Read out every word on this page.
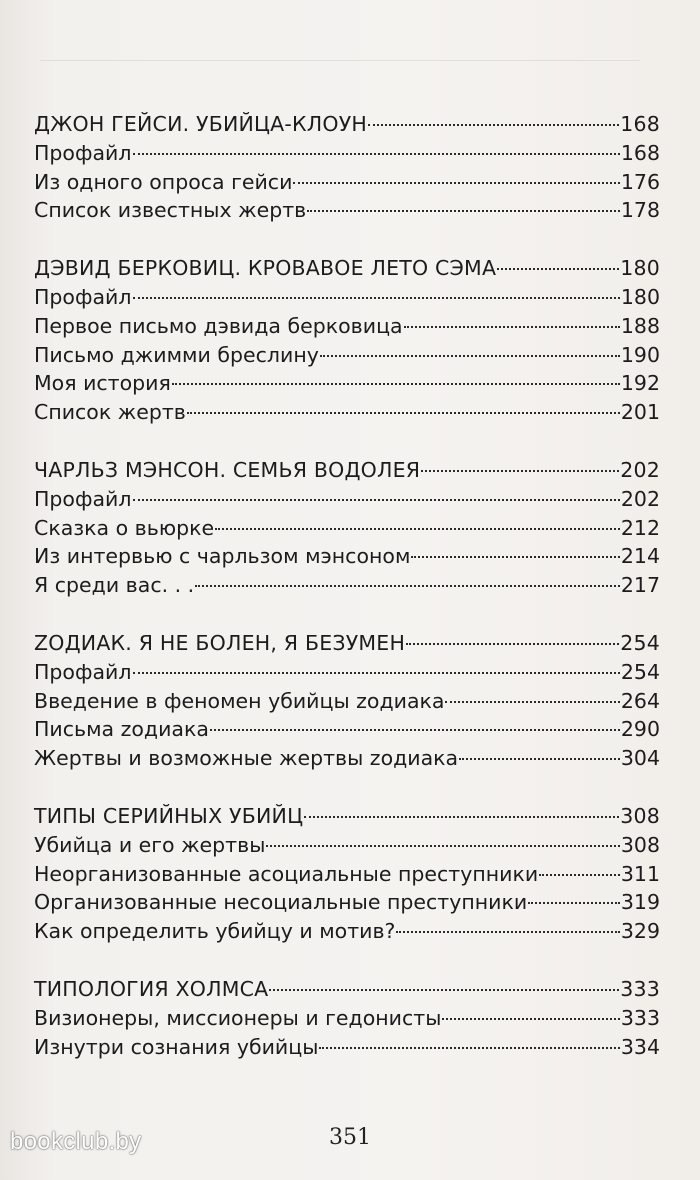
ДЖОН ГЕЙСИ. УБИЙЦА-КЛОУН	168
Профайл	168
Из одного опроса гейси	176
Список известных жертв	178
ДЭВИД БЕРКОВИЦ. КРОВАВОЕ ЛЕТО СЭМА	180
Профайл	180
Первое письмо дэвида берковица	188
Письмо джимми бреслину	190
Моя история	192
Список жертв	201
ЧАРЛЬЗ МЭНСОН. СЕМЬЯ ВОДОЛЕЯ	202
Профайл	202
Сказка о вьюрке	212
Из интервью с чарльзом мэнсоном	214
Я среди вас. . .	217
ZОДИАК. Я НЕ БОЛЕН, Я БЕЗУМЕН	254
Профайл	254
Введение в феномен убийцы zодиака	264
Письма zодиака	290
Жертвы и возможные жертвы zодиака	304
ТИПЫ СЕРИЙНЫХ УБИЙЦ	308
Убийца и его жертвы	308
Неорганизованные асоциальные преступники	311
Организованные несоциальные преступники	319
Как определить убийцу и мотив?	329
ТИПОЛОГИЯ ХОЛМСА	333
Визионеры, миссионеры и гедонисты	333
Изнутри сознания убийцы	334
351
bookclub.by
